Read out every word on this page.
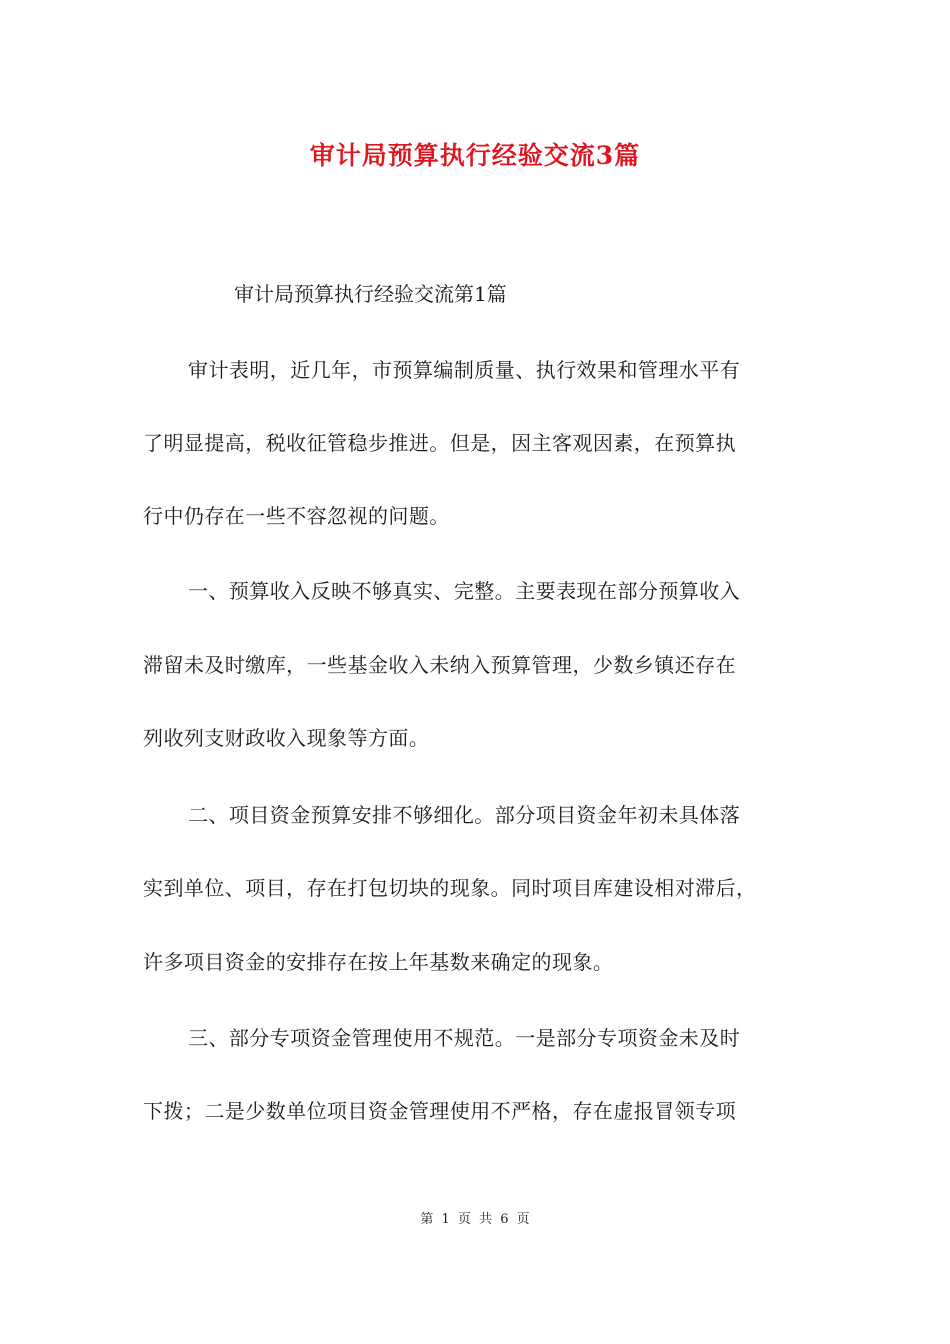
审计局预算执行经验交流3篇
审计局预算执行经验交流第1篇
审计表明，近几年，市预算编制质量、执行效果和管理水平有
了明显提高，税收征管稳步推进。但是，因主客观因素，在预算执
行中仍存在一些不容忽视的问题。
一、预算收入反映不够真实、完整。主要表现在部分预算收入
滞留未及时缴库，一些基金收入未纳入预算管理，少数乡镇还存在
列收列支财政收入现象等方面。
二、项目资金预算安排不够细化。部分项目资金年初未具体落
实到单位、项目，存在打包切块的现象。同时项目库建设相对滞后，
许多项目资金的安排存在按上年基数来确定的现象。
三、部分专项资金管理使用不规范。一是部分专项资金未及时
下拨；二是少数单位项目资金管理使用不严格，存在虚报冒领专项
第 1 页 共 6 页
